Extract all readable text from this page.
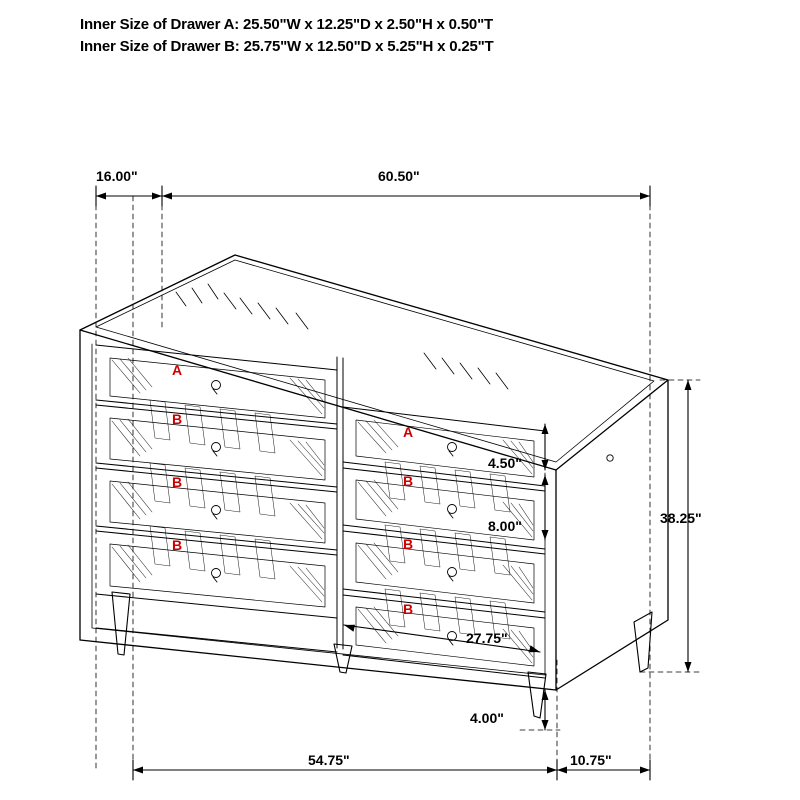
Inner Size of Drawer A: 25.50"W x 12.25"D x 2.50"H x 0.50"T
Inner Size of Drawer B: 25.75"W x 12.50"D x 5.25"H x 0.25"T
16.00"	60.50"
38.25"
4.50"
8.00"
27.75"
4.00"
54.75"	10.75"
A
B
B
B
A
B
B
B
